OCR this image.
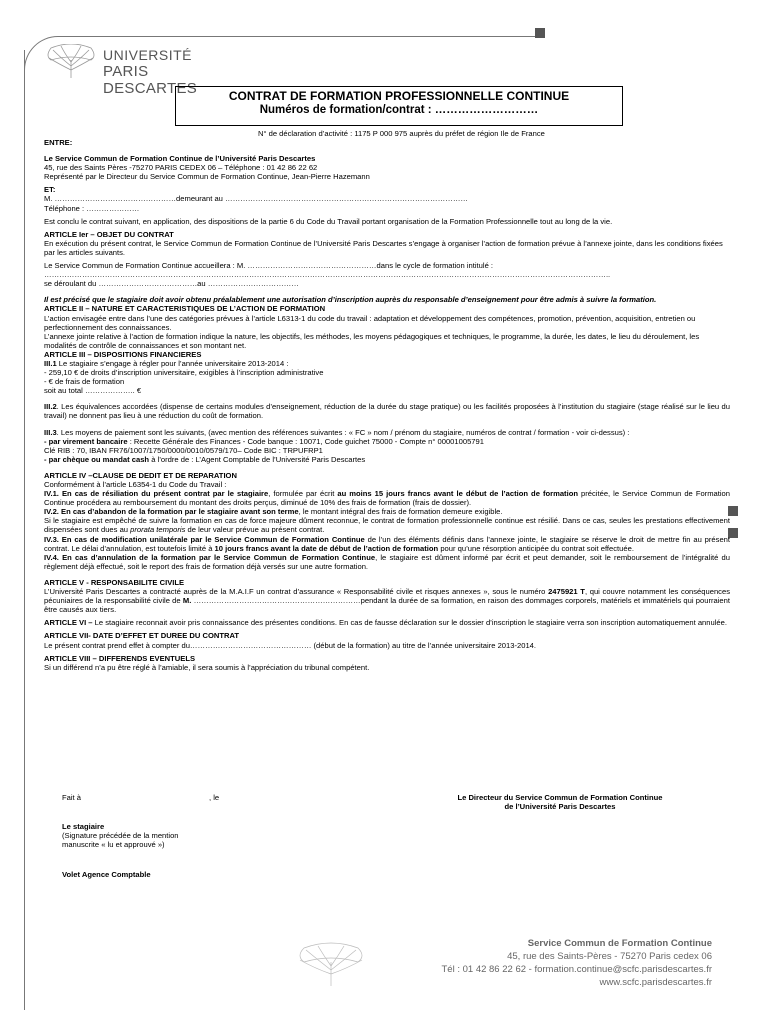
UNIVERSITÉ
PARIS DESCARTES	CONTRAT DE FORMATION PROFESSIONNELLE CONTINUE
Numéros de formation/contrat : ………………………
N° de déclaration d’activité : 1175 P 000 975 auprès du préfet de région Ile de France

ENTRE:

Le Service Commun de Formation Continue de l’Université Paris Descartes

45, rue des Saints Pères -75270 PARIS CEDEX 06 – Téléphone : 01 42 86 22 62

Représenté par le Directeur du Service Commun de Formation Continue, Jean-Pierre Hazemann

ET:

M. …………………………………………demeurant au ……………………………………………………………………………………

Téléphone : …………………

Est conclu le contrat suivant, en application, des dispositions de la partie 6 du Code du Travail portant organisation de la Formation Professionnelle tout au long de la vie.

ARTICLE Ier – OBJET DU CONTRAT

En exécution du présent contrat, le Service Commun de Formation Continue de l’Université Paris Descartes s’engage à organiser l’action de formation prévue à l’annexe jointe, dans les conditions fixées par les articles suivants.

Le Service Commun de Formation Continue accueillera : M. ……………………………………………dans le cycle de formation intitulé :

……………………………………………………………………………………………………………………………………………………………………………………………………..

se déroulant du …………………………………au ………………………………

Il est précisé que le stagiaire doit avoir obtenu préalablement une autorisation d’inscription auprès du responsable d’enseignement pour être admis à suivre la formation.

ARTICLE II – NATURE ET CARACTERISTIQUES DE L’ACTION DE FORMATION

L’action envisagée entre dans l’une des catégories prévues à l’article L6313-1 du code du travail : adaptation et développement des compétences, promotion, prévention, acquisition, entretien ou perfectionnement des connaissances.

L’annexe jointe relative à l’action de formation indique la nature, les objectifs, les méthodes, les moyens pédagogiques et techniques, le programme, la durée, les dates, le lieu du déroulement, les modalités de contrôle de connaissances et son montant net.

ARTICLE III – DISPOSITIONS FINANCIERES

III.1 Le stagiaire s’engage à régler pour l’année universitaire 2013-2014 :

- 259,10 € de droits d’inscription universitaire, exigibles à l’inscription administrative

- € de frais de formation

soit au total ……………….. €

III.2. Les équivalences accordées (dispense de certains modules d’enseignement, réduction de la durée du stage pratique) ou les facilités proposées à l’institution du stagiaire (stage réalisé sur le lieu du travail) ne donnent pas lieu à une réduction du coût de formation.

III.3. Les moyens de paiement sont les suivants, (avec mention des références suivantes : « FC » nom / prénom du stagiaire, numéros de contrat / formation - voir ci-dessus) :

- par virement bancaire : Recette Générale des Finances - Code banque : 10071, Code guichet 75000 - Compte n° 00001005791

Clé RIB : 70, IBAN FR76/1007/1750/0000/0010/0579/170– Code BIC : TRPUFRP1

- par chèque ou mandat cash à l’ordre de : L’Agent Comptable de l’Université Paris Descartes

ARTICLE IV –CLAUSE DE DEDIT ET DE REPARATION

Conformément à l’article L6354-1 du Code du Travail :

IV.1. En cas de résiliation du présent contrat par le stagiaire, formulée par écrit au moins 15 jours francs avant le début de l’action de formation précitée, le Service Commun de Formation Continue procédera au remboursement du montant des droits perçus, diminué de 10% des frais de formation (frais de dossier).

IV.2. En cas d’abandon de la formation par le stagiaire avant son terme, le montant intégral des frais de formation demeure exigible.

Si le stagiaire est empêché de suivre la formation en cas de force majeure dûment reconnue, le contrat de formation professionnelle continue est résilié. Dans ce cas, seules les prestations effectivement dispensées sont dues au prorata temporis de leur valeur prévue au présent contrat.

IV.3. En cas de modification unilatérale par le Service Commun de Formation Continue de l’un des éléments définis dans l’annexe jointe, le stagiaire se réserve le droit de mettre fin au présent contrat. Le délai d’annulation, est toutefois limité à 10 jours francs avant la date de début de l’action de formation pour qu’une résorption anticipée du contrat soit effectuée.

IV.4. En cas d’annulation de la formation par le Service Commun de Formation Continue, le stagiaire est dûment informé par écrit et peut demander, soit le remboursement de l’intégralité du règlement déjà effectué, soit le report des frais de formation déjà versés sur une autre formation.

ARTICLE V - RESPONSABILITE CIVILE

L’Université Paris Descartes a contracté auprès de la M.A.I.F un contrat d’assurance « Responsabilité civile et risques annexes », sous le numéro 2475921 T, qui couvre notamment les conséquences pécuniaires de la responsabilité civile de M. …………………………………………………………pendant la durée de sa formation, en raison des dommages corporels, matériels et immatériels qui pourraient être causés aux tiers.

ARTICLE VI – Le stagiaire reconnait avoir pris connaissance des présentes conditions. En cas de fausse déclaration sur le dossier d’inscription le stagiaire verra son inscription automatiquement annulée.

ARTICLE VII- DATE D’EFFET ET DUREE DU CONTRAT

Le présent contrat prend effet à compter du………………………………………… (début de la formation) au titre de l’année universitaire 2013-2014.

ARTICLE VIII – DIFFERENDS EVENTUELS

Si un différend n’a pu être réglé à l’amiable, il sera soumis à l’appréciation du tribunal compétent.

Fait à	, le	Le Directeur du Service Commun de Formation Continue
de l’Université Paris Descartes
Le stagiaire
(Signature précédée de la mention
manuscrite « lu et approuvé »)
Volet Agence Comptable
Service Commun de Formation Continue
45, rue des Saints-Pères - 75270 Paris cedex 06
Tél : 01 42 86 22 62 - formation.continue@scfc.parisdescartes.fr
www.scfc.parisdescartes.fr
